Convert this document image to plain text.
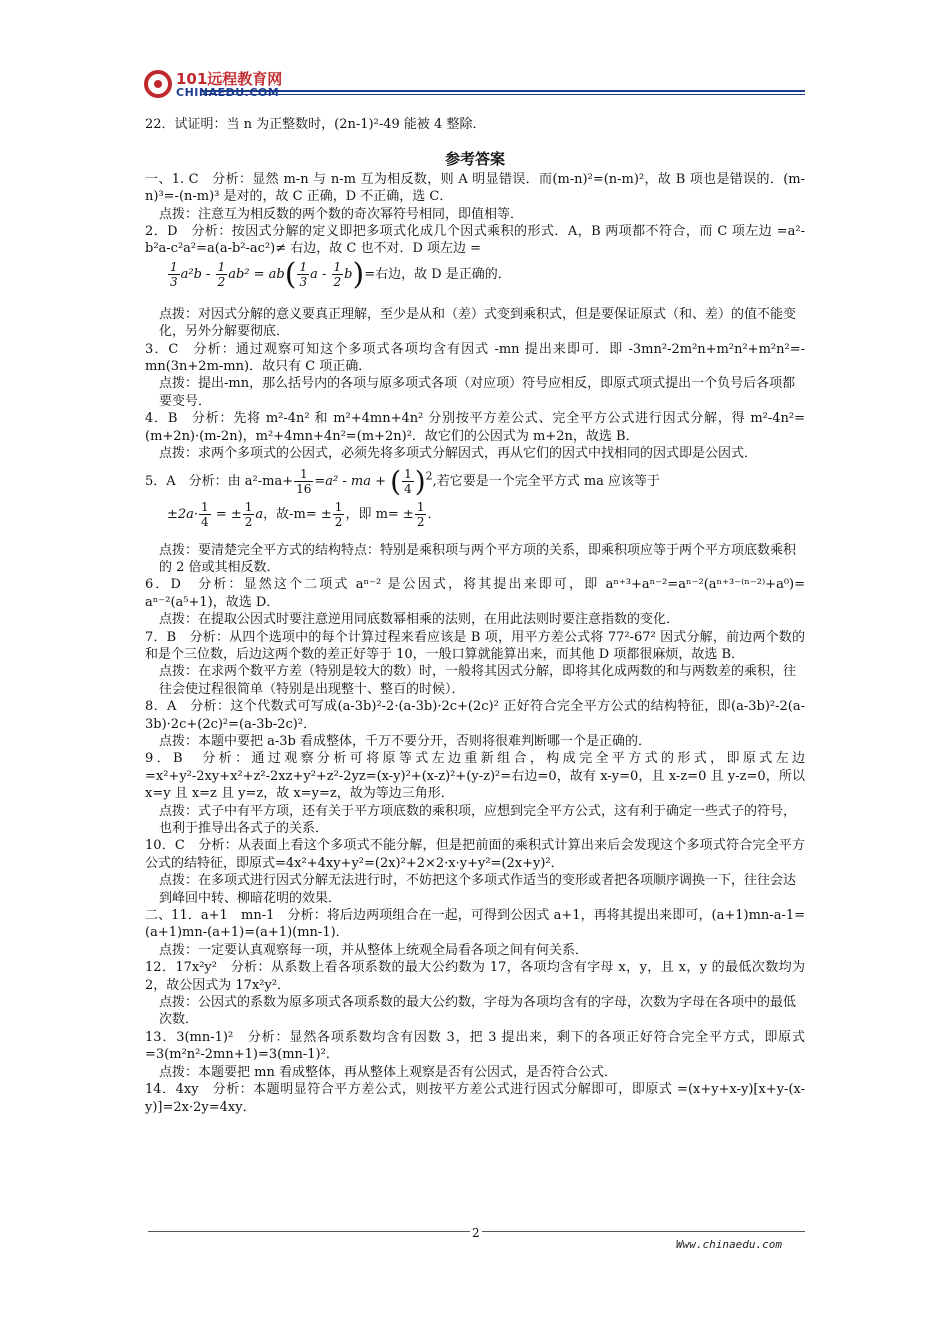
101远程教育网
CHINAEDU.COM

22．试证明：当 n 为正整数时，(2n-1)²-49 能被 4 整除．

参考答案
一、1. C　分析：显然 m-n 与 n-m 互为相反数，则 A 明显错误．而(m-n)²=(n-m)²，故 B 项也是错误的．(m-n)³=-(n-m)³ 是对的，故 C 正确，D 不正确，选 C．
点拨：注意互为相反数的两个数的奇次幂符号相同，即值相等．
2．D　分析：按因式分解的定义即把多项式化成几个因式乘积的形式．A，B 两项都不符合，而 C 项左边 =a²-b²a-c²a²=a(a-b²-ac²)≠ 右边，故 C 也不对．D 项左边 =
$\frac{1}{3} a^2b - \frac{1}{2} ab^2 = ab( \frac{1}{3}$ $a - \frac{1}{2} b)=$右边，故 D 是正确的．
点拨：对因式分解的意义要真正理解，至少是从和（差）式变到乘积式，但是要保证原式（和、差）的值不能变化，另外分解要彻底．
3．C　分析：通过观察可知这个多项式各项均含有因式 -mn 提出来即可．即 -3mn²-2m²n+m²n²+m²n²=-mn(3n+2m-mn)．故只有 C 项正确．
点拨：提出-mn，那么括号内的各项与原多项式各项（对应项）符号应相反，即原式项式提出一个负号后各项都要变号．
4．B　分析：先将 m²-4n² 和 m²+4mn+4n² 分别按平方差公式、完全平方公式进行因式分解，得 m²-4n²=(m+2n)·(m-2n)，m²+4mn+4n²=(m+2n)²．故它们的公因式为 m+2n，故选 B．
点拨：求两个多项式的公因式，必须先将多项式分解因式，再从它们的因式中找相同的因式即是公因式．
5．A　分析：由 $a^2-ma+ \frac{1}{16} =a^2$ - ma + ( $\frac{1}{4} )^2$,若它要是一个完全平方式 ma 应该等于
$\pm 2a\cdot \frac{1}{4}$ = ± $\frac{1}{2}$ a，故$-m= \pm \frac{1}{2}$ ，即 $m= \pm \frac{1}{2}$ ．
点拨：要清楚完全平方式的结构特点：特别是乘积项与两个平方项的关系，即乘积项应等于两个平方项底数乘积的 2 倍或其相反数．
6．D　分析：显然这个二项式 aⁿ⁻² 是公因式，将其提出来即可，即 aⁿ⁺³+aⁿ⁻²=aⁿ⁻²(aⁿ⁺³⁻⁽ⁿ⁻²⁾+a⁰)= aⁿ⁻²(a⁵+1)，故选 D．
点拨：在提取公因式时要注意逆用同底数幂相乘的法则，在用此法则时要注意指数的变化．
7．B　分析：从四个选项中的每个计算过程来看应该是 B 项，用平方差公式将 77²-67² 因式分解，前边两个数的和是个三位数，后边这两个数的差正好等于 10，一般口算就能算出来，而其他 D 项都很麻烦，故选 B．
点拨：在求两个数平方差（特别是较大的数）时，一般将其因式分解，即将其化成两数的和与两数差的乘积，往往会使过程很简单（特别是出现整十、整百的时候）．
8．A　分析：这个代数式可写成(a-3b)²-2·(a-3b)·2c+(2c)² 正好符合完全平方公式的结构特征，即(a-3b)²-2(a-3b)·2c+(2c)²=(a-3b-2c)²．
点拨：本题中要把 a-3b 看成整体，千万不要分开，否则将很难判断哪一个是正确的．
9．B　分析：通过观察分析可将原等式左边重新组合，构成完全平方式的形式，即原式左边 =x²+y²-2xy+x²+z²-2xz+y²+z²-2yz=(x-y)²+(x-z)²+(y-z)²=右边=0，故有 x-y=0，且 x-z=0 且 y-z=0，所以 x=y 且 x=z 且 y=z，故 x=y=z，故为等边三角形．
点拨：式子中有平方项，还有关于平方项底数的乘积项，应想到完全平方公式，这有利于确定一些式子的符号，也利于推导出各式子的关系．
10．C　分析：从表面上看这个多项式不能分解，但是把前面的乘积式计算出来后会发现这个多项式符合完全平方公式的结特征，即原式=4x²+4xy+y²=(2x)²+2×2·x·y+y²=(2x+y)²．
点拨：在多项式进行因式分解无法进行时，不妨把这个多项式作适当的变形或者把各项顺序调换一下，往往会达到峰回中转、柳暗花明的效果．
二、11．a+1　mn-1　分析：将后边两项组合在一起，可得到公因式 a+1，再将其提出来即可，(a+1)mn-a-1=(a+1)mn-(a+1)=(a+1)(mn-1)．
点拨：一定要认真观察每一项，并从整体上统观全局看各项之间有何关系．
12．17x²y²　分析：从系数上看各项系数的最大公约数为 17，各项均含有字母 x，y，且 x，y 的最低次数均为 2，故公因式为 17x²y²．
点拨：公因式的系数为原多项式各项系数的最大公约数，字母为各项均含有的字母，次数为字母在各项中的最低次数．
13．3(mn-1)²　分析：显然各项系数均含有因数 3，把 3 提出来，剩下的各项正好符合完全平方式，即原式=3(m²n²-2mn+1)=3(mn-1)²．
点拨：本题要把 mn 看成整体，再从整体上观察是否有公因式，是否符合公式．
14．4xy　分析：本题明显符合平方差公式，则按平方差公式进行因式分解即可，即原式 =(x+y+x-y)[x+y-(x-y)]=2x·2y=4xy．
2
Www.chinaedu.com
